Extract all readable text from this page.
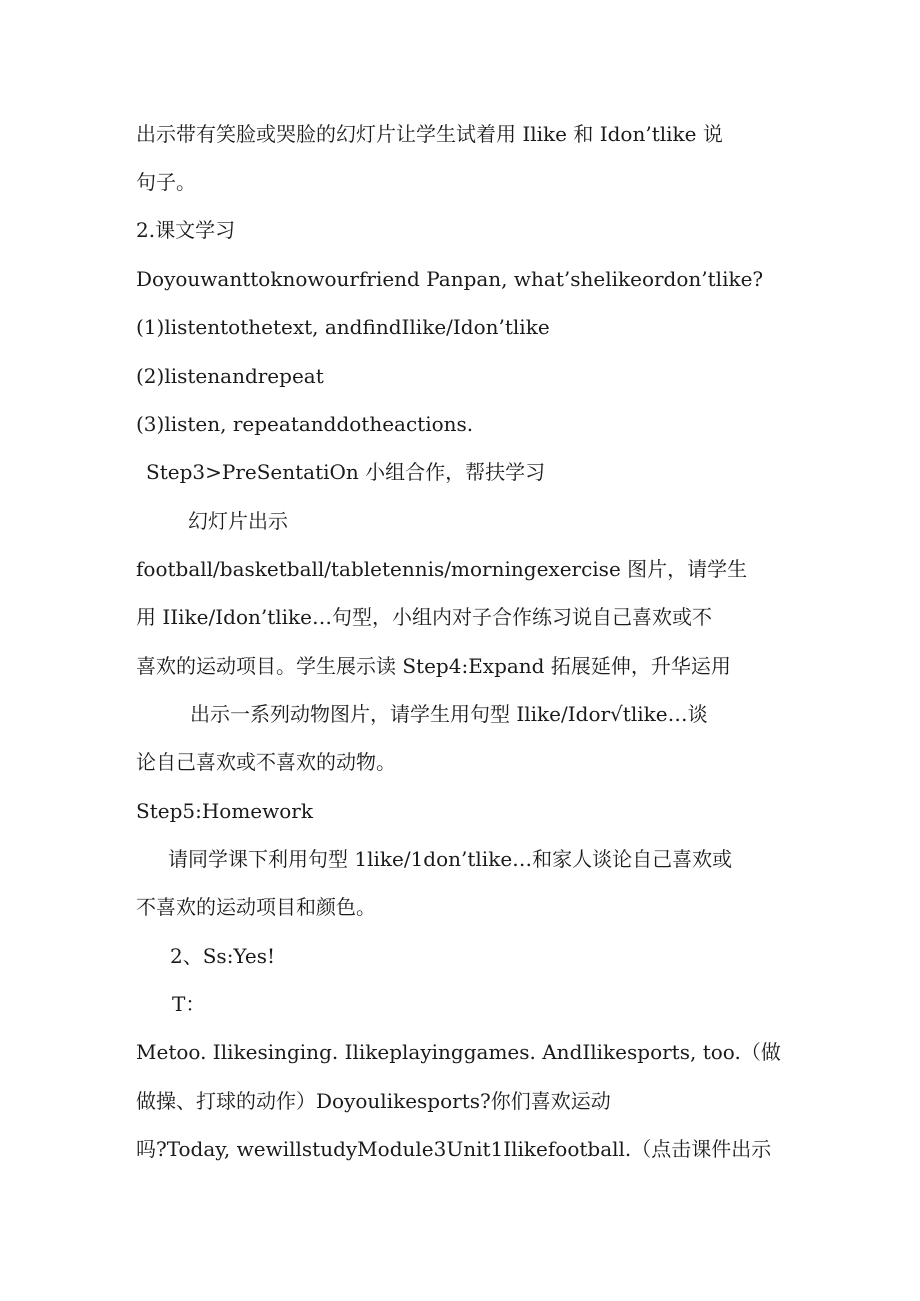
出示带有笑脸或哭脸的幻灯片让学生试着用 Ilike 和 Idon’tlike 说
句子。
2.课文学习
Doyouwanttoknowourfriend Panpan, what’shelikeordon’tlike?
(1)listentothetext, andfindIlike/Idon’tlike
(2)listenandrepeat
(3)listen, repeatanddotheactions.
Step3>PreSentatiOn 小组合作，帮扶学习
幻灯片出示
football/basketball/tabletennis/morningexercise 图片，请学生
用 IIike/Idon’tlike…句型，小组内对子合作练习说自己喜欢或不
喜欢的运动项目。学生展示读 Step4:Expand 拓展延伸，升华运用
出示一系列动物图片，请学生用句型 Ilike/Idor√tlike…谈
论自己喜欢或不喜欢的动物。
Step5:Homework
请同学课下利用句型 1like/1don’tlike…和家人谈论自己喜欢或
不喜欢的运动项目和颜色。
2、Ss:Yes!
T：
Metoo. Ilikesinging. Ilikeplayinggames. AndIlikesports, too.（做
做操、打球的动作）Doyoulikesports?你们喜欢运动
吗?Today, wewillstudyModule3Unit1Ilikefootball.（点击课件出示
